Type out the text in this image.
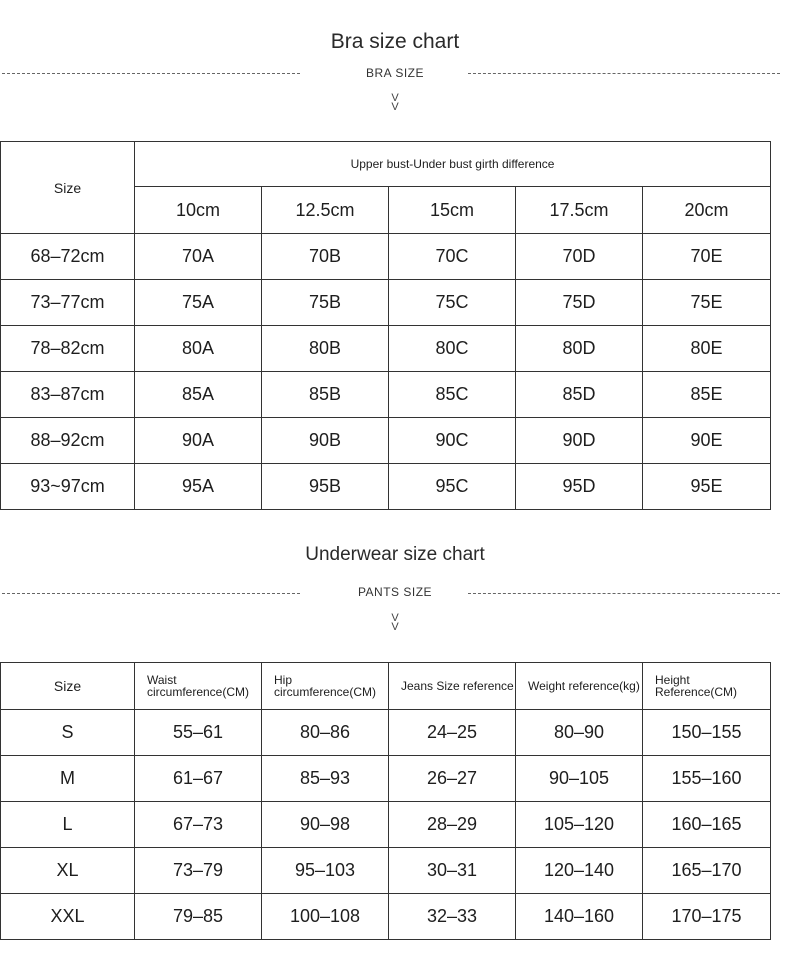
Bra size chart
BRA SIZE
V
V
Size	Upper bust-Under bust girth difference				
	10cm	12.5cm	15cm	17.5cm	20cm
68–72cm	70A	70B	70C	70D	70E
73–77cm	75A	75B	75C	75D	75E
78–82cm	80A	80B	80C	80D	80E
83–87cm	85A	85B	85C	85D	85E
88–92cm	90A	90B	90C	90D	90E
93~97cm	95A	95B	95C	95D	95E
Underwear size chart
PANTS SIZE
V
V
Size	Waist circumference(CM)	Hip circumference(CM)	Jeans Size reference	Weight reference(kg)	Height Reference(CM)
S	55–61	80–86	24–25	80–90	150–155
M	61–67	85–93	26–27	90–105	155–160
L	67–73	90–98	28–29	105–120	160–165
XL	73–79	95–103	30–31	120–140	165–170
XXL	79–85	100–108	32–33	140–160	170–175
